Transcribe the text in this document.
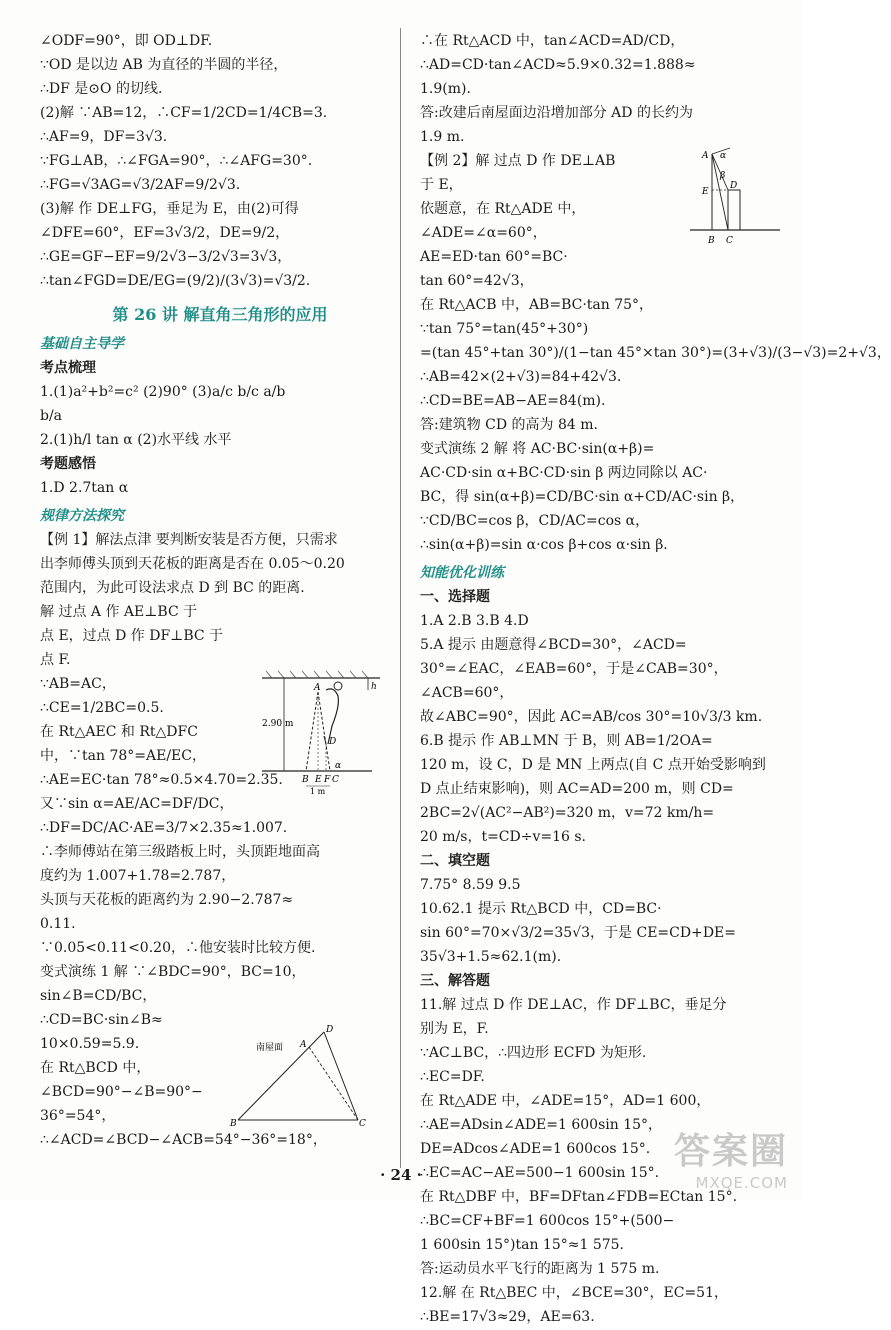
∠ODF=90°，即 OD⊥DF.
∵OD 是以边 AB 为直径的半圆的半径，
∴DF 是⊙O 的切线.
(2)解 ∵AB=12，∴CF=1/2CD=1/4CB=3.
∴AF=9，DF=3√3.
∵FG⊥AB，∴∠FGA=90°，∴∠AFG=30°.
∴FG=√3AG=√3/2AF=9/2√3.
(3)解 作 DE⊥FG，垂足为 E，由(2)可得
∠DFE=60°，EF=3√3/2，DE=9/2，
∴GE=GF−EF=9/2√3−3/2√3=3√3，
∴tan∠FGD=DE/EG=(9/2)/(3√3)=√3/2.
第 26 讲 解直角三角形的应用
基础自主导学
考点梳理
1.(1)a²+b²=c² (2)90° (3)a/c b/c a/b
b/a
2.(1)h/l tan α (2)水平线 水平
考题感悟
1.D 2.7tan α
规律方法探究
【例 1】解法点津 要判断安装是否方便，只需求
出李师傅头顶到天花板的距离是否在 0.05～0.20
范围内，为此可设法求点 D 到 BC 的距离.
解 过点 A 作 AE⊥BC 于
点 E，过点 D 作 DF⊥BC 于
点 F.
∵AB=AC，
∴CE=1/2BC=0.5.
在 Rt△AEC 和 Rt△DFC
中，∵tan 78°=AE/EC，
∴AE=EC·tan 78°≈0.5×4.70=2.35.
又∵sin α=AE/AC=DF/DC，
∴DF=DC/AC·AE=3/7×2.35≈1.007.
∴李师傅站在第三级踏板上时，头顶距地面高
度约为 1.007+1.78=2.787，
头顶与天花板的距离约为 2.90−2.787≈
0.11.
∵0.05<0.11<0.20，∴他安装时比较方便.
变式演练 1 解 ∵∠BDC=90°，BC=10，
sin∠B=CD/BC，
∴CD=BC·sin∠B≈
10×0.59=5.9.
在 Rt△BCD 中，
∠BCD=90°−∠B=90°−
36°=54°，
∴∠ACD=∠BCD−∠ACB=54°−36°=18°，
∴在 Rt△ACD 中，tan∠ACD=AD/CD，
∴AD=CD·tan∠ACD≈5.9×0.32=1.888≈
1.9(m).
答:改建后南屋面边沿增加部分 AD 的长约为
1.9 m.
【例 2】解 过点 D 作 DE⊥AB
于 E，
依题意，在 Rt△ADE 中，
∠ADE=∠α=60°，
AE=ED·tan 60°=BC·
tan 60°=42√3，
在 Rt△ACB 中，AB=BC·tan 75°，
∵tan 75°=tan(45°+30°)
=(tan 45°+tan 30°)/(1−tan 45°×tan 30°)=(3+√3)/(3−√3)=2+√3，
∴AB=42×(2+√3)=84+42√3.
∴CD=BE=AB−AE=84(m).
答:建筑物 CD 的高为 84 m.
变式演练 2 解 将 AC·BC·sin(α+β)=
AC·CD·sin α+BC·CD·sin β 两边同除以 AC·
BC，得 sin(α+β)=CD/BC·sin α+CD/AC·sin β，
∵CD/BC=cos β，CD/AC=cos α，
∴sin(α+β)=sin α·cos β+cos α·sin β.
知能优化训练
一、选择题
1.A 2.B 3.B 4.D
5.A 提示 由题意得∠BCD=30°，∠ACD=
30°=∠EAC，∠EAB=60°，于是∠CAB=30°，
∠ACB=60°，
故∠ABC=90°，因此 AC=AB/cos 30°=10√3/3 km.
6.B 提示 作 AB⊥MN 于 B，则 AB=1/2OA=
120 m，设 C，D 是 MN 上两点(自 C 点开始受影响到
D 点止结束影响)，则 AC=AD=200 m，则 CD=
2BC=2√(AC²−AB²)=320 m，v=72 km/h=
20 m/s，t=CD÷v=16 s.
二、填空题
7.75° 8.59 9.5
10.62.1 提示 Rt△BCD 中，CD=BC·
sin 60°=70×√3/2=35√3，于是 CE=CD+DE=
35√3+1.5≈62.1(m).
三、解答题
11.解 过点 D 作 DE⊥AC，作 DF⊥BC，垂足分
别为 E，F.
∵AC⊥BC，∴四边形 ECFD 为矩形.
∴EC=DF.
在 Rt△ADE 中，∠ADE=15°，AD=1 600，
∴AE=ADsin∠ADE=1 600sin 15°，
DE=ADcos∠ADE=1 600cos 15°.
∴EC=AC−AE=500−1 600sin 15°.
在 Rt△DBF 中，BF=DFtan∠FDB=ECtan 15°.
∴BC=CF+BF=1 600cos 15°+(500−
1 600sin 15°)tan 15°≈1 575.
答:运动员水平飞行的距离为 1 575 m.
12.解 在 Rt△BEC 中，∠BCE=30°，EC=51，
∴BE=17√3≈29，AE=63.
h
2.90 m
A
D
B E F C
α
1 m
A α
β
E
D
B C
南屋面
D
A
B	C
· 24 ·
答案圈
MXQE.COM
